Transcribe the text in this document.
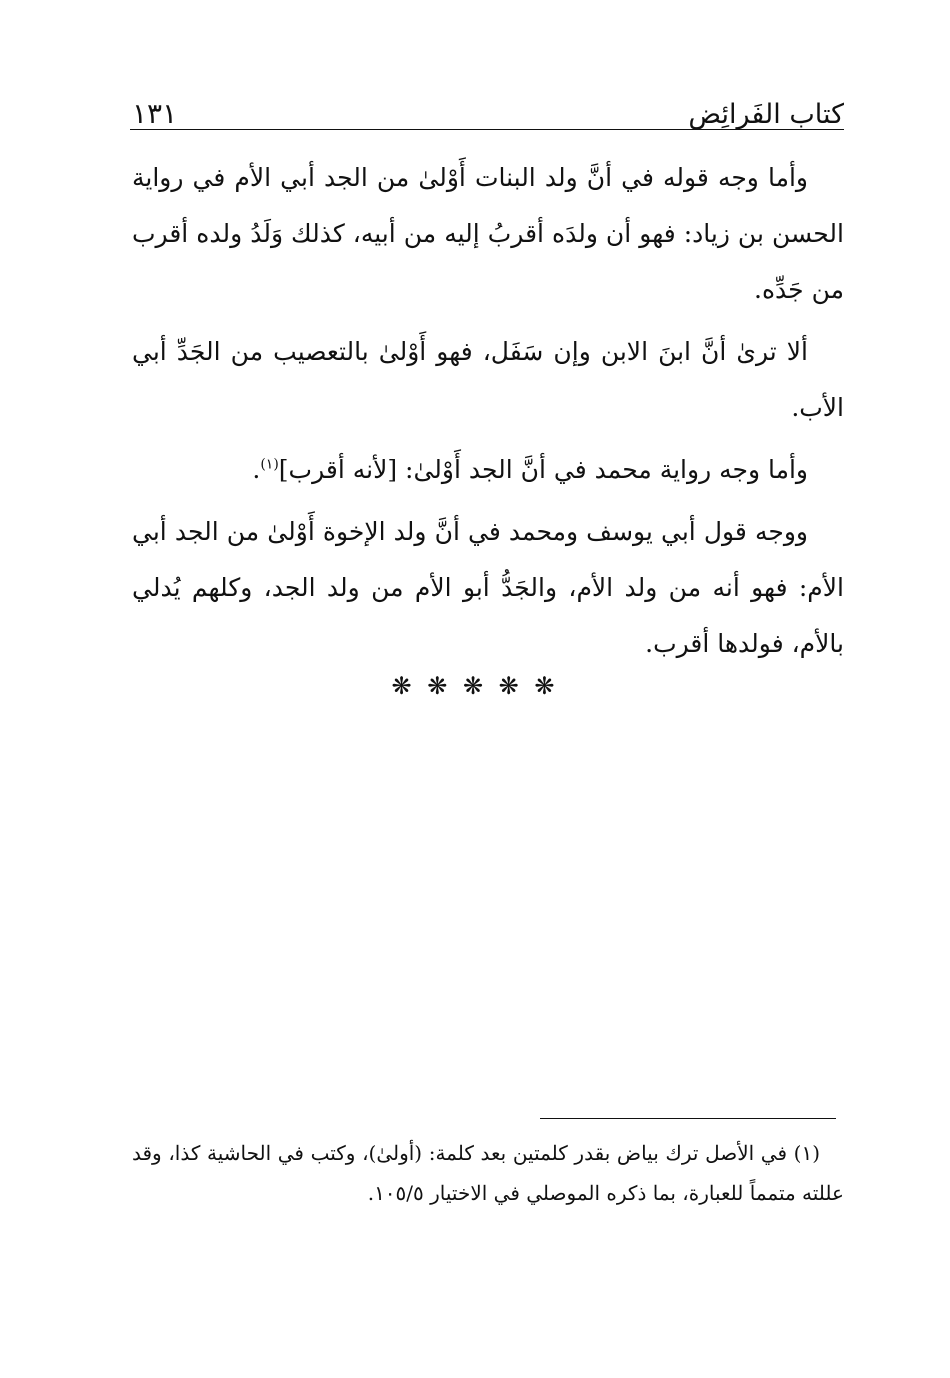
كتاب الفَرائِض
١٣١

وأما وجه قوله في أنَّ ولد البنات أَوْلىٰ من الجد أبي الأم في رواية الحسن بن زياد: فهو أن ولدَه أقربُ إليه من أبيه، كذلك وَلَدُ ولده أقرب من جَدِّه.

ألا ترىٰ أنَّ ابنَ الابن وإن سَفَل، فهو أَوْلىٰ بالتعصيب من الجَدِّ أبي الأب.

وأما وجه رواية محمد في أنَّ الجد أَوْلىٰ: [لأنه أقرب]$^{(١)}$.

ووجه قول أبي يوسف ومحمد في أنَّ ولد الإخوة أَوْلىٰ من الجد أبي الأم: فهو أنه من ولد الأم، والجَدُّ أبو الأم من ولد الجد، وكلهم يُدلي بالأم، فولدها أقرب.

❋ ❋ ❋ ❋ ❋

(١) في الأصل ترك بياض بقدر كلمتين بعد كلمة: (أولىٰ)، وكتب في الحاشية كذا، وقد عللته متمماً للعبارة، بما ذكره الموصلي في الاختيار ١٠٥/٥.
